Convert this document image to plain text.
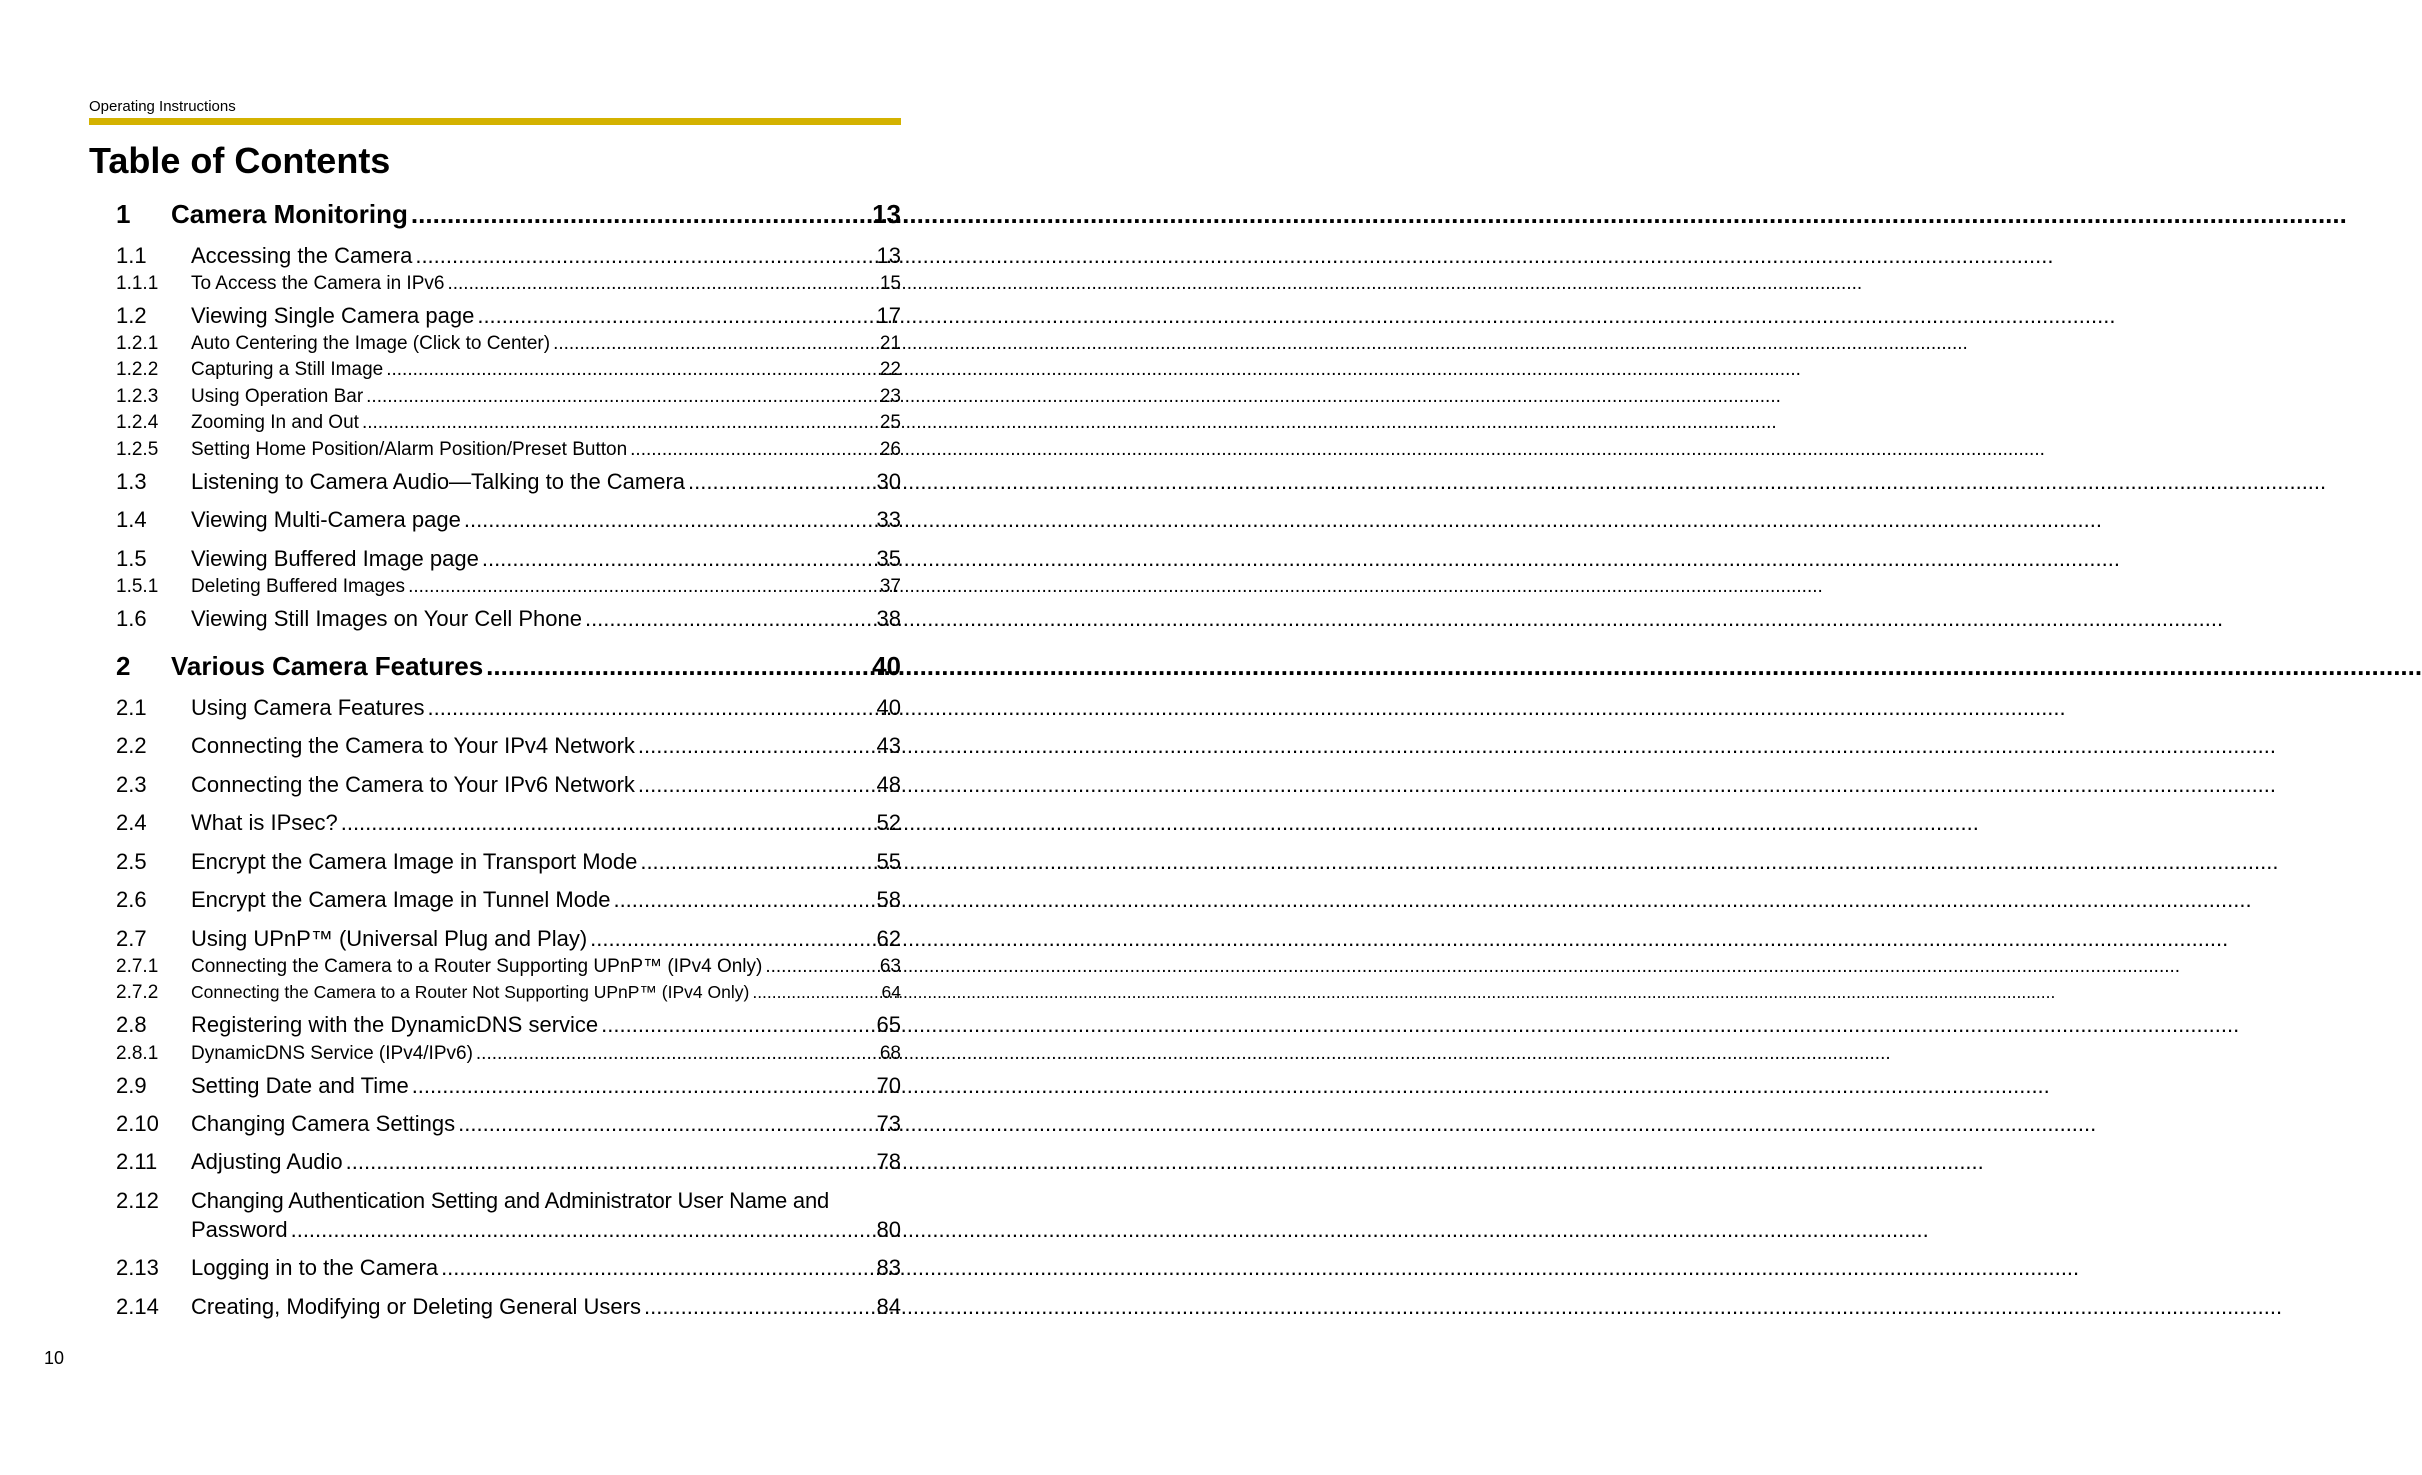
Operating Instructions
Table of Contents
1	Camera Monitoring .....	13
1.1	Accessing the Camera .....	13
1.1.1	To Access the Camera in IPv6 .....	15
1.2	Viewing Single Camera page .....	17
1.2.1	Auto Centering the Image (Click to Center) .....	21
1.2.2	Capturing a Still Image .....	22
1.2.3	Using Operation Bar .....	23
1.2.4	Zooming In and Out .....	25
1.2.5	Setting Home Position/Alarm Position/Preset Button .....	26
1.3	Listening to Camera Audio—Talking to the Camera .....	30
1.4	Viewing Multi-Camera page .....	33
1.5	Viewing Buffered Image page .....	35
1.5.1	Deleting Buffered Images .....	37
1.6	Viewing Still Images on Your Cell Phone .....	38
2	Various Camera Features .....	40
2.1	Using Camera Features .....	40
2.2	Connecting the Camera to Your IPv4 Network .....	43
2.3	Connecting the Camera to Your IPv6 Network .....	48
2.4	What is IPsec? .....	52
2.5	Encrypt the Camera Image in Transport Mode .....	55
2.6	Encrypt the Camera Image in Tunnel Mode .....	58
2.7	Using UPnP™ (Universal Plug and Play) .....	62
2.7.1	Connecting the Camera to a Router Supporting UPnP™ (IPv4 Only) .....	63
2.7.2	Connecting the Camera to a Router Not Supporting UPnP™ (IPv4 Only) .....	64
2.8	Registering with the DynamicDNS service .....	65
2.8.1	DynamicDNS Service (IPv4/IPv6) .....	68
2.9	Setting Date and Time .....	70
2.10	Changing Camera Settings .....	73
2.11	Adjusting Audio .....	78
2.12	Changing Authentication Setting and Administrator User Name and
Password .....	80
2.13	Logging in to the Camera .....	83
2.14	Creating, Modifying or Deleting General Users .....	84
10
